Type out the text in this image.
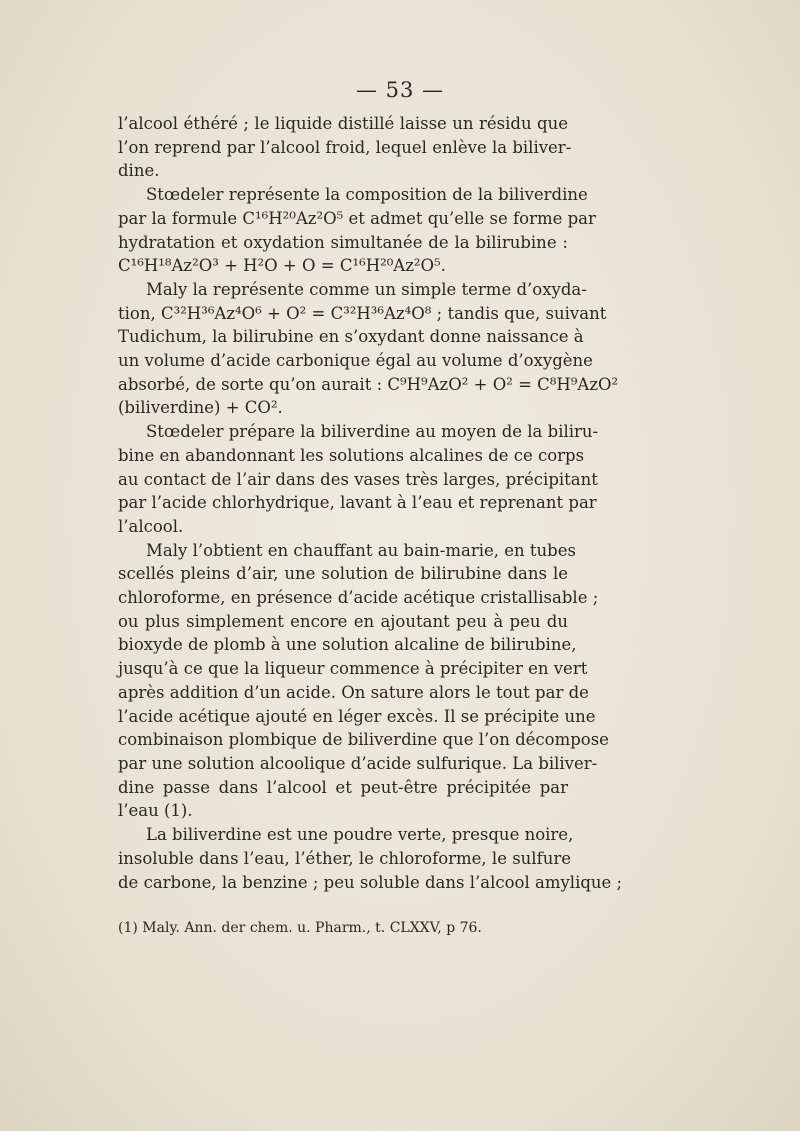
— 53 —

l’alcool éthéré ; le liquide distillé laisse un résidu que
l’on reprend par l’alcool froid, lequel enlève la biliver-
dine.

Stœdeler représente la composition de la biliverdine
par la formule C¹⁶H²⁰Az²O⁵ et admet qu’elle se forme par
hydratation et oxydation simultanée de la bilirubine :
C¹⁶H¹⁸Az²O³ + H²O + O = C¹⁶H²⁰Az²O⁵.

Maly la représente comme un simple terme d’oxyda-
tion, C³²H³⁶Az⁴O⁶ + O² = C³²H³⁶Az⁴O⁸ ; tandis que, suivant
Tudichum, la bilirubine en s’oxydant donne naissance à
un volume d’acide carbonique égal au volume d’oxygène
absorbé, de sorte qu’on aurait : C⁹H⁹AzO² + O² = C⁸H⁹AzO²
(biliverdine) + CO².

Stœdeler prépare la biliverdine au moyen de la biliru-
bine en abandonnant les solutions alcalines de ce corps
au contact de l’air dans des vases très larges, précipitant
par l’acide chlorhydrique, lavant à l’eau et reprenant par
l’alcool.

Maly l’obtient en chauffant au bain-marie, en tubes
scellés pleins d’air, une solution de bilirubine dans le
chloroforme, en présence d’acide acétique cristallisable ;
ou plus simplement encore en ajoutant peu à peu du
bioxyde de plomb à une solution alcaline de bilirubine,
jusqu’à ce que la liqueur commence à précipiter en vert
après addition d’un acide. On sature alors le tout par de
l’acide acétique ajouté en léger excès. Il se précipite une
combinaison plombique de biliverdine que l’on décompose
par une solution alcoolique d’acide sulfurique. La biliver-
dine passe dans l’alcool et peut-être précipitée par
l’eau (1).

La biliverdine est une poudre verte, presque noire,
insoluble dans l’eau, l’éther, le chloroforme, le sulfure
de carbone, la benzine ; peu soluble dans l’alcool amylique ;

(1) Maly. Ann. der chem. u. Pharm., t. CLXXV, p 76.
